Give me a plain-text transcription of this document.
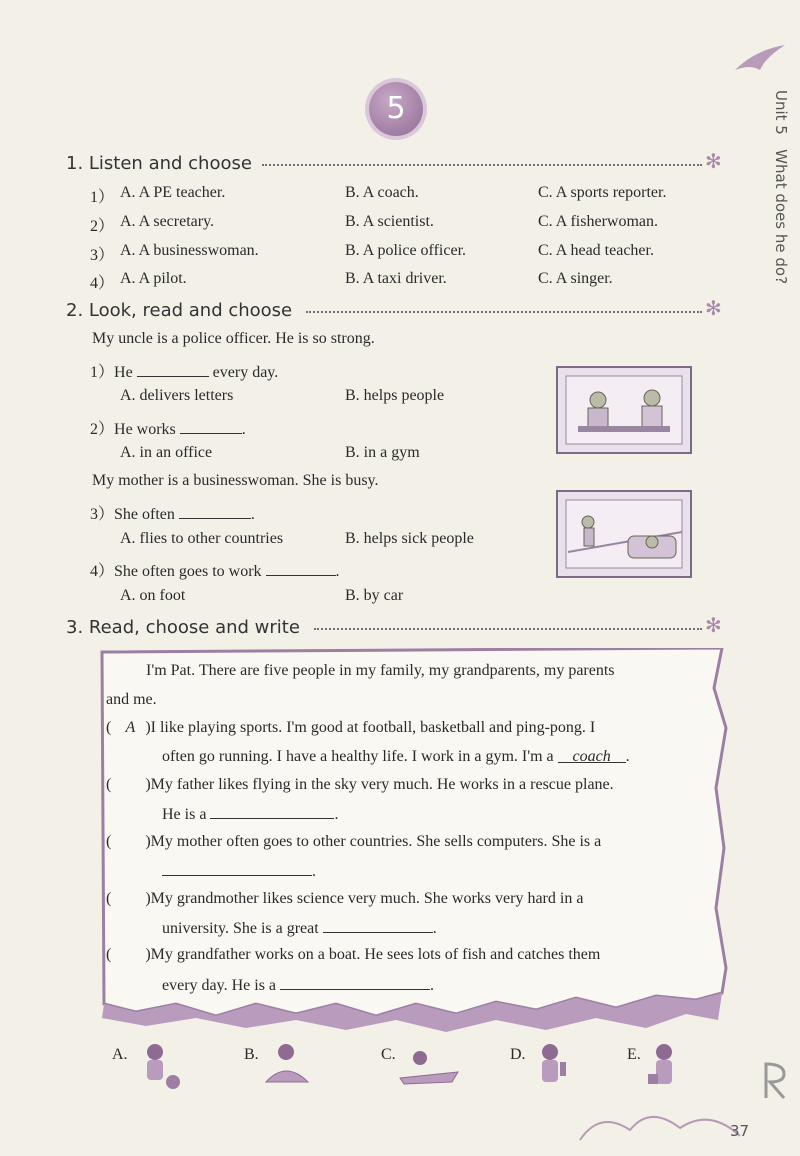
5	Unit 5   What does he do?
1. Listen and choose	✻
1） A. A PE teacher.	B. A coach.	C. A sports reporter.
2） A. A secretary.	B. A scientist.	C. A fisherwoman.
3） A. A businesswoman.	B. A police officer.	C. A head teacher.
4） A. A pilot.	B. A taxi driver.	C. A singer.
2. Look, read and choose	✻
My uncle is a police officer. He is so strong.
1）He	every day.
A. delivers letters	B. helps people
2）He works	.
A. in an office	B. in a gym
My mother is a businesswoman. She is busy.
3）She often	.
A. flies to other countries	B. helps sick people
4）She often goes to work	.
A. on foot	B. by car
3. Read, choose and write	✻
I'm Pat. There are five people in my family, my grandparents, my parents
and me.
( A )I like playing sports. I'm good at football, basketball and ping-pong. I
often go running. I have a healthy life. I work in a gym. I'm a coach .
( )My father likes flying in the sky very much. He works in a rescue plane.
He is a	.
( )My mother often goes to other countries. She sells computers. She is a
.
( )My grandmother likes science very much. She works very hard in a
university. She is a great	.
( )My grandfather works on a boat. He sees lots of fish and catches them
every day. He is a	.
A.	B.	C.	D.	E.
37
